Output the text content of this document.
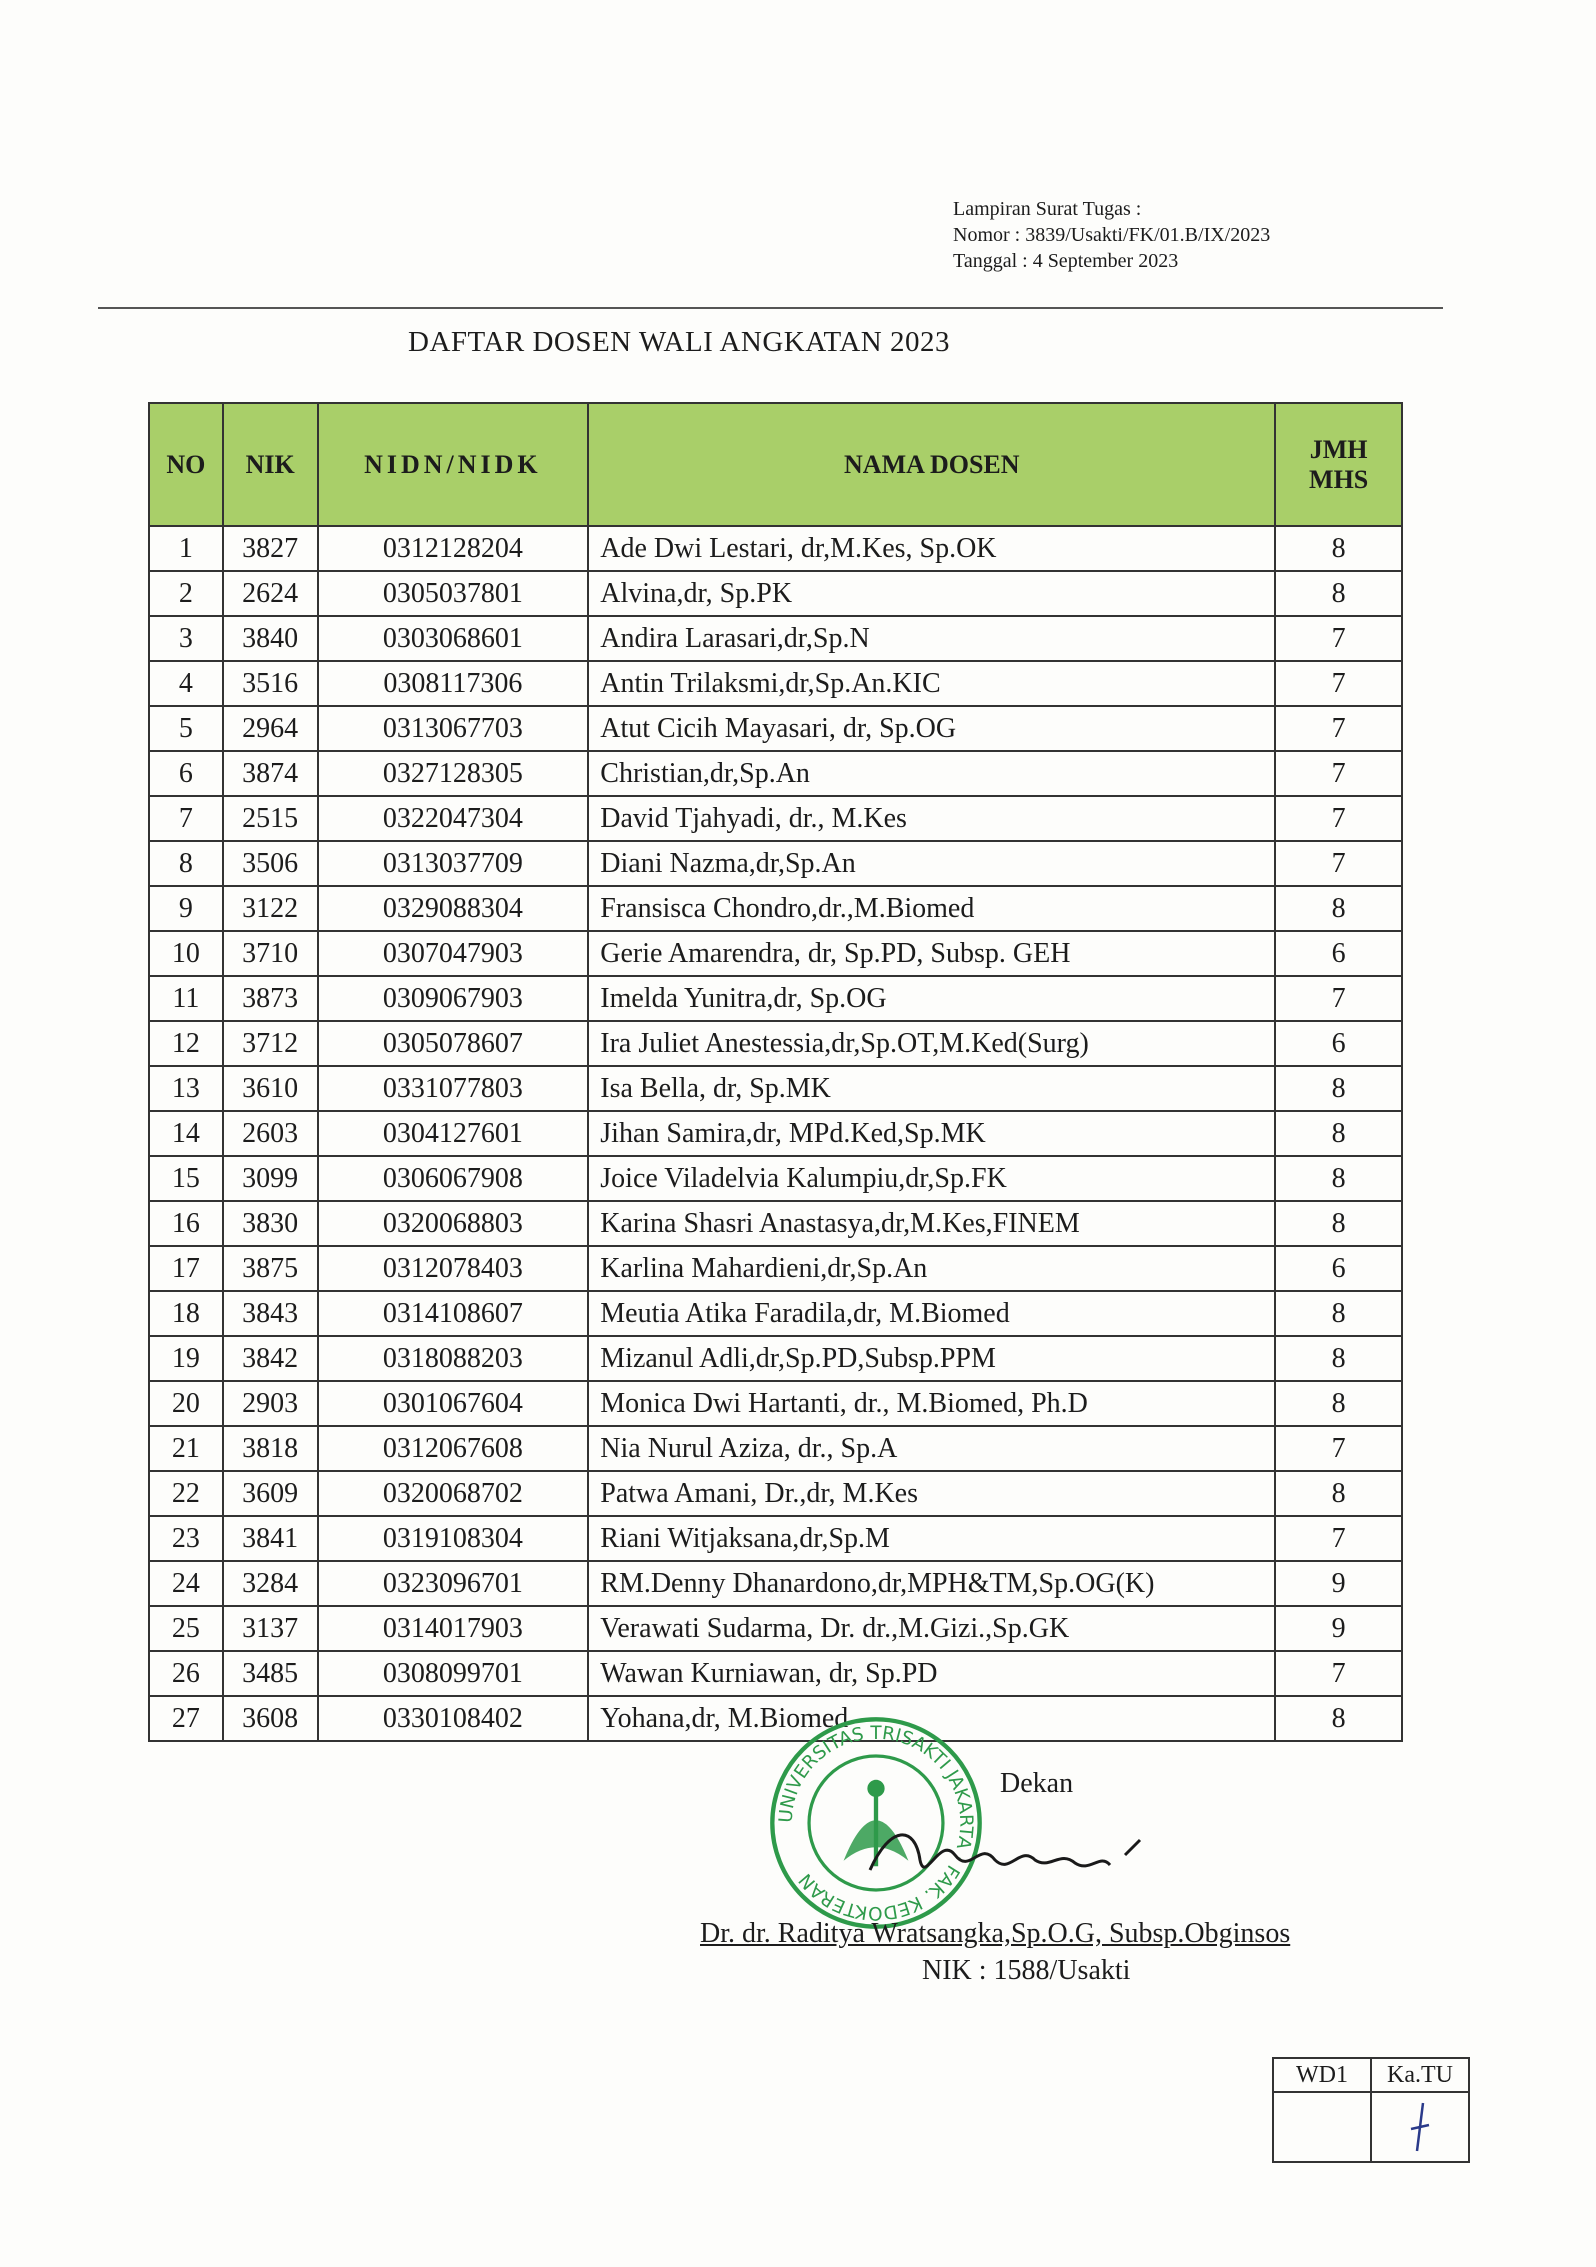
Lampiran Surat Tugas :
Nomor : 3839/Usakti/FK/01.B/IX/2023
Tanggal : 4 September 2023
DAFTAR DOSEN WALI ANGKATAN 2023
NO	NIK	NIDN/NIDK	NAMA DOSEN	JMH
MHS
1	3827	0312128204	Ade Dwi Lestari, dr,M.Kes, Sp.OK	8
2	2624	0305037801	Alvina,dr, Sp.PK	8
3	3840	0303068601	Andira Larasari,dr,Sp.N	7
4	3516	0308117306	Antin Trilaksmi,dr,Sp.An.KIC	7
5	2964	0313067703	Atut Cicih Mayasari, dr, Sp.OG	7
6	3874	0327128305	Christian,dr,Sp.An	7
7	2515	0322047304	David Tjahyadi, dr., M.Kes	7
8	3506	0313037709	Diani Nazma,dr,Sp.An	7
9	3122	0329088304	Fransisca Chondro,dr.,M.Biomed	8
10	3710	0307047903	Gerie Amarendra, dr, Sp.PD, Subsp. GEH	6
11	3873	0309067903	Imelda Yunitra,dr, Sp.OG	7
12	3712	0305078607	Ira Juliet Anestessia,dr,Sp.OT,M.Ked(Surg)	6
13	3610	0331077803	Isa Bella, dr, Sp.MK	8
14	2603	0304127601	Jihan Samira,dr, MPd.Ked,Sp.MK	8
15	3099	0306067908	Joice Viladelvia Kalumpiu,dr,Sp.FK	8
16	3830	0320068803	Karina Shasri Anastasya,dr,M.Kes,FINEM	8
17	3875	0312078403	Karlina Mahardieni,dr,Sp.An	6
18	3843	0314108607	Meutia Atika Faradila,dr, M.Biomed	8
19	3842	0318088203	Mizanul Adli,dr,Sp.PD,Subsp.PPM	8
20	2903	0301067604	Monica Dwi Hartanti, dr., M.Biomed, Ph.D	8
21	3818	0312067608	Nia Nurul Aziza, dr., Sp.A	7
22	3609	0320068702	Patwa Amani, Dr.,dr, M.Kes	8
23	3841	0319108304	Riani Witjaksana,dr,Sp.M	7
24	3284	0323096701	RM.Denny Dhanardono,dr,MPH&TM,Sp.OG(K)	9
25	3137	0314017903	Verawati Sudarma, Dr. dr.,M.Gizi.,Sp.GK	9
26	3485	0308099701	Wawan Kurniawan, dr, Sp.PD	7
27	3608	0330108402	Yohana,dr, M.Biomed	8
UNIVERSITAS TRISAKTI JAKARTA · FAK. KEDOKTERAN
Dekan
Dr. dr. Raditya Wratsangka,Sp.O.G, Subsp.Obginsos
NIK : 1588/Usakti
WD1	Ka.TU
